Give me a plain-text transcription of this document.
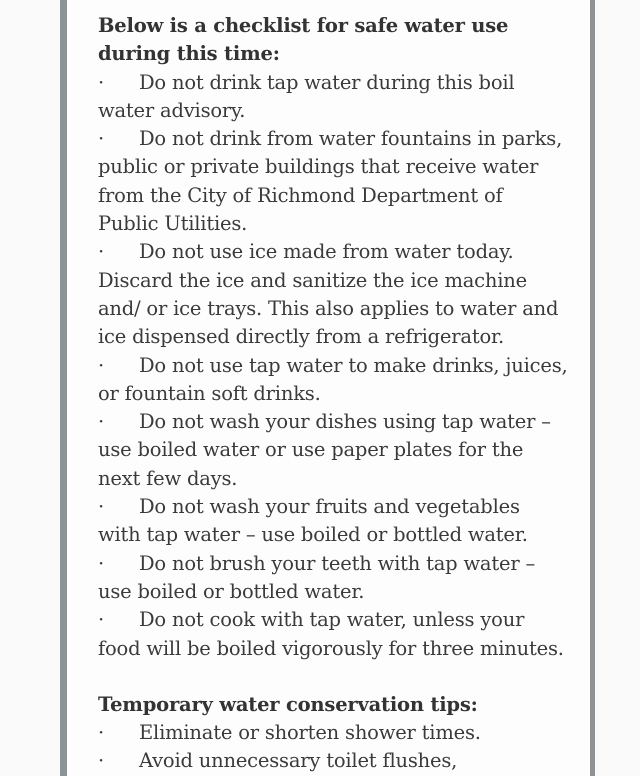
Below is a checklist for safe water use during this time:

· Do not drink tap water during this boil water advisory.

· Do not drink from water fountains in parks, public or private buildings that receive water from the City of Richmond Department of Public Utilities.

· Do not use ice made from water today. Discard the ice and sanitize the ice machine and/ or ice trays. This also applies to water and ice dispensed directly from a refrigerator.

· Do not use tap water to make drinks, juices, or fountain soft drinks.

· Do not wash your dishes using tap water – use boiled water or use paper plates for the next few days.

· Do not wash your fruits and vegetables with tap water – use boiled or bottled water.

· Do not brush your teeth with tap water – use boiled or bottled water.

· Do not cook with tap water, unless your food will be boiled vigorously for three minutes.

Temporary water conservation tips:

· Eliminate or shorten shower times.

· Avoid unnecessary toilet flushes,
